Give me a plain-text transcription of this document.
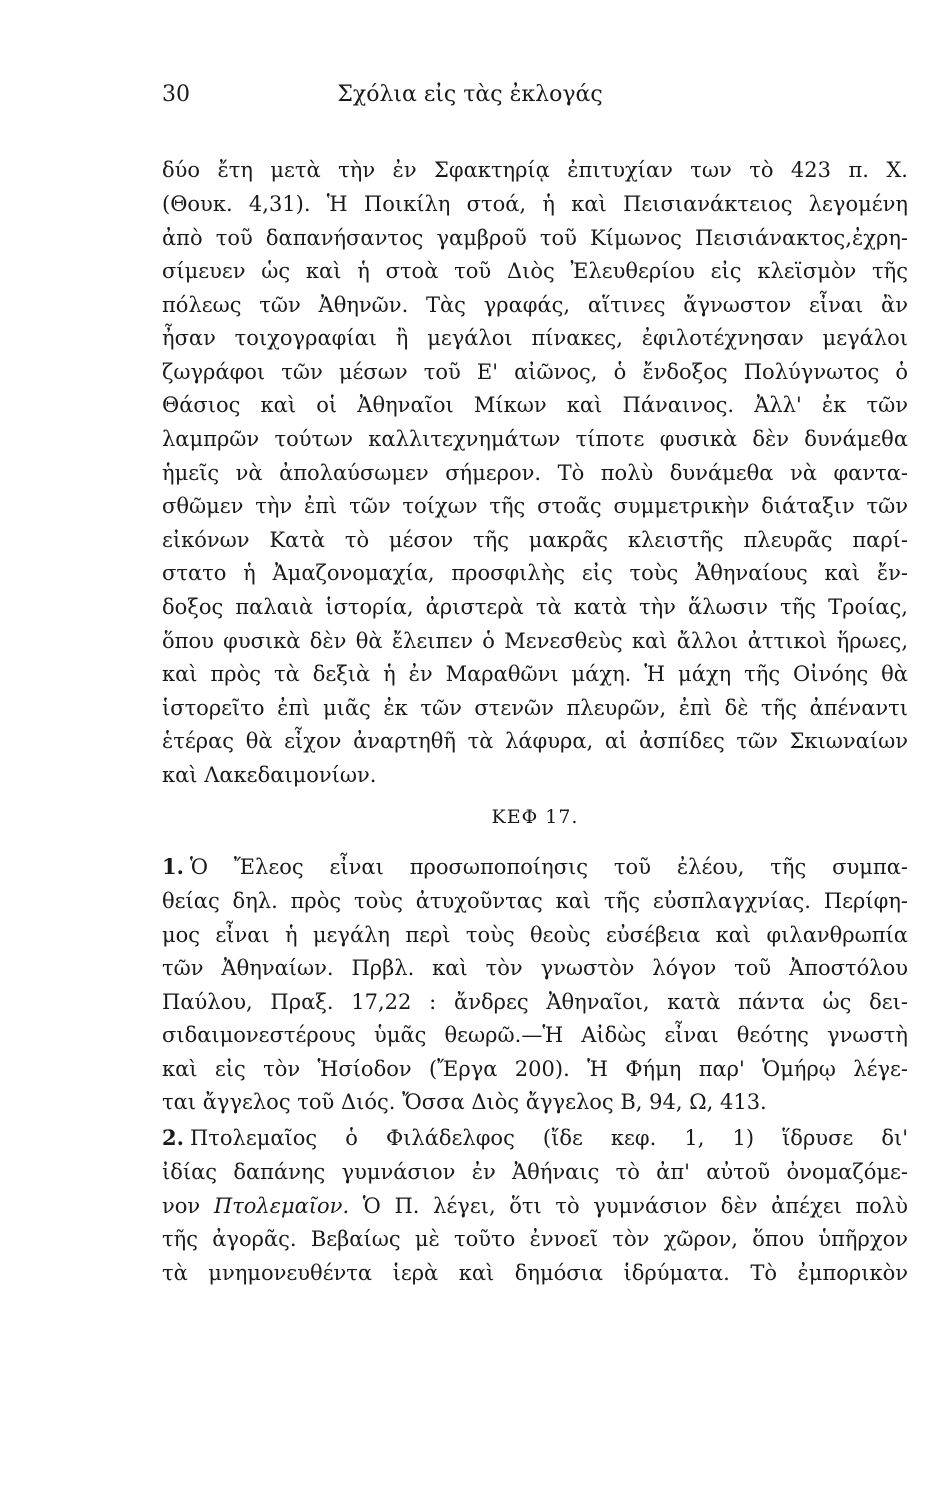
30	Σχόλια εἰς τὰς ἐκλογάς
δύο ἔτη μετὰ τὴν ἐν Σφακτηρίᾳ ἐπιτυχίαν των τὸ 423 π. Χ.
(Θουκ. 4,31). Ἡ Ποικίλη στοά, ἡ καὶ Πεισιανάκτειος λεγομένη
ἀπὸ τοῦ δαπανήσαντος γαμβροῦ τοῦ Κίμωνος Πεισιάνακτος,ἐχρη-
σίμευεν ὡς καὶ ἡ στοὰ τοῦ Διὸς Ἐλευθερίου εἰς κλεϊσμὸν τῆς
πόλεως τῶν Ἀθηνῶν. Τὰς γραφάς, αἵτινες ἄγνωστον εἶναι ἂν
ἦσαν τοιχογραφίαι ἢ μεγάλοι πίνακες, ἐφιλοτέχνησαν μεγάλοι
ζωγράφοι τῶν μέσων τοῦ Ε' αἰῶνος, ὁ ἔνδοξος Πολύγνωτος ὁ
Θάσιος καὶ οἱ Ἀθηναῖοι Μίκων καὶ Πάναινος. Ἀλλ' ἐκ τῶν
λαμπρῶν τούτων καλλιτεχνημάτων τίποτε φυσικὰ δὲν δυνάμεθα
ἡμεῖς νὰ ἀπολαύσωμεν σήμερον. Τὸ πολὺ δυνάμεθα νὰ φαντα-
σθῶμεν τὴν ἐπὶ τῶν τοίχων τῆς στοᾶς συμμετρικὴν διάταξιν τῶν
εἰκόνων Κατὰ τὸ μέσον τῆς μακρᾶς κλειστῆς πλευρᾶς παρί-
στατο ἡ Ἀμαζονομαχία, προσφιλὴς εἰς τοὺς Ἀθηναίους καὶ ἔν-
δοξος παλαιὰ ἱστορία, ἀριστερὰ τὰ κατὰ τὴν ἅλωσιν τῆς Τροίας,
ὅπου φυσικὰ δὲν θὰ ἔλειπεν ὁ Μενεσθεὺς καὶ ἄλλοι ἀττικοὶ ἥρωες,
καὶ πρὸς τὰ δεξιὰ ἡ ἐν Μαραθῶνι μάχη. Ἡ μάχη τῆς Οἰνόης θὰ
ἱστορεῖτο ἐπὶ μιᾶς ἐκ τῶν στενῶν πλευρῶν, ἐπὶ δὲ τῆς ἀπέναντι
ἑτέρας θὰ εἶχον ἀναρτηθῆ τὰ λάφυρα, αἱ ἀσπίδες τῶν Σκιωναίων
καὶ Λακεδαιμονίων.
ΚΕΦ 17.
1. Ὁ Ἔλεος εἶναι προσωποποίησις τοῦ ἐλέου, τῆς συμπα-
θείας δηλ. πρὸς τοὺς ἀτυχοῦντας καὶ τῆς εὐσπλαγχνίας. Περίφη-
μος εἶναι ἡ μεγάλη περὶ τοὺς θεοὺς εὐσέβεια καὶ φιλανθρωπία
τῶν Ἀθηναίων. Πρβλ. καὶ τὸν γνωστὸν λόγον τοῦ Ἀποστόλου
Παύλου, Πραξ. 17,22 : ἄνδρες Ἀθηναῖοι, κατὰ πάντα ὡς δει-
σιδαιμονεστέρους ὑμᾶς θεωρῶ.—Ἡ Αἰδὼς εἶναι θεότης γνωστὴ
καὶ εἰς τὸν Ἡσίοδον (Ἔργα 200). Ἡ Φήμη παρ' Ὁμήρῳ λέγε-
ται ἄγγελος τοῦ Διός. Ὄσσα Διὸς ἄγγελος Β, 94, Ω, 413.
2. Πτολεμαῖος ὁ Φιλάδελφος (ἴδε κεφ. 1, 1) ἵδρυσε δι'
ἰδίας δαπάνης γυμνάσιον ἐν Ἀθήναις τὸ ἀπ' αὐτοῦ ὀνομαζόμε-
νον Πτολεμαῖον. Ὁ Π. λέγει, ὅτι τὸ γυμνάσιον δὲν ἀπέχει πολὺ
τῆς ἀγορᾶς. Βεβαίως μὲ τοῦτο ἐννοεῖ τὸν χῶρον, ὅπου ὑπῆρχον
τὰ μνημονευθέντα ἱερὰ καὶ δημόσια ἱδρύματα. Τὸ ἐμπορικὸν
